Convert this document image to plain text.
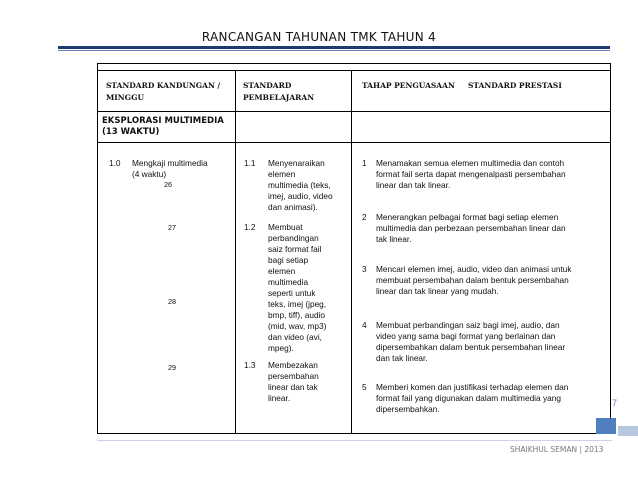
RANCANGAN TAHUNAN TMK TAHUN 4
STANDARD KANDUNGAN /
MINGGU
STANDARD
PEMBELAJARAN
TAHAP PENGUASAAN STANDARD PRESTASI
EKSPLORASI MULTIMEDIA
(13 WAKTU)
1.0 Mengkaji multimedia
(4 waktu)
26
27
28
29
1.1 Menyenaraikan
elemen
multimedia (teks,
imej, audio, video
dan animasi).
1.2 Membuat
perbandingan
saiz format fail
bagi setiap
elemen
multimedia
seperti untuk
teks, imej (jpeg,
bmp, tiff), audio
(mid, wav, mp3)
dan video (avi,
mpeg).
1.3 Membezakan
persembahan
linear dan tak
linear.
1 Menamakan semua elemen multimedia dan contoh
format fail serta dapat mengenalpasti persembahan
linear dan tak linear.
2 Menerangkan pelbagai format bagi setiap elemen
multimedia dan perbezaan persembahan linear dan
tak linear.
3 Mencari elemen imej, audio, video dan animasi untuk
membuat persembahan dalam bentuk persembahan
linear dan tak linear yang mudah.
4 Membuat perbandingan saiz bagi imej, audio, dan
video yang sama bagi format yang berlainan dan
dipersembahkan dalam bentuk persembahan linear
dan tak linear.
5 Memberi komen dan justifikasi terhadap elemen dan
format fail yang digunakan dalam multimedia yang
dipersembahkan.
7
SHAIKHUL SEMAN | 2013
